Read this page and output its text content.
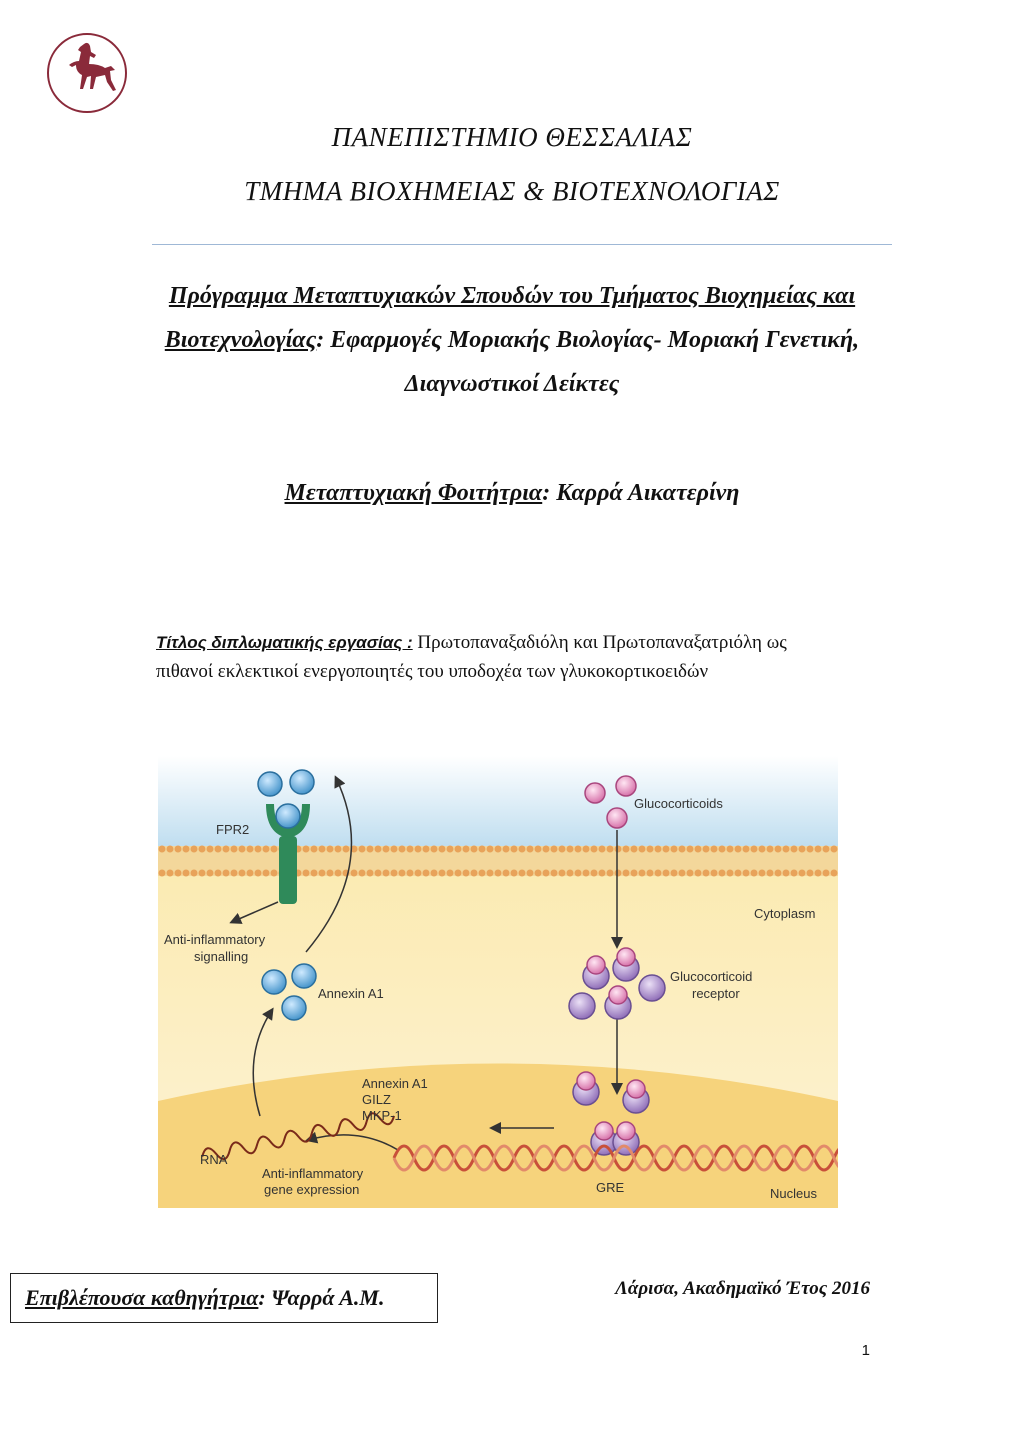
ΠΑΝΕΠΙΣΤΗΜΙΟ ΘΕΣΣΑΛΙΑΣ
ΤΜΗΜΑ ΒΙΟΧΗΜΕΙΑΣ & ΒΙΟΤΕΧΝΟΛΟΓΙΑΣ
Πρόγραμμα Μεταπτυχιακών Σπουδών του Τμήματος Βιοχημείας και
Βιοτεχνολογίας: Εφαρμογές Μοριακής Βιολογίας- Μοριακή Γενετική,
Διαγνωστικοί Δείκτες
Μεταπτυχιακή Φοιτήτρια: Καρρά Αικατερίνη
Τίτλος διπλωματικής εργασίας : Πρωτοπαναξαδιόλη και Πρωτοπαναξατριόλη ως
πιθανοί εκλεκτικοί ενεργοποιητές του υποδοχέα των γλυκοκορτικοειδών
FPR2
Glucocorticoids
Cytoplasm
Anti-inflammatory
signalling
Annexin A1
Glucocorticoid
receptor
Annexin A1
GILZ
MKP-1
RNA
Anti-inflammatory
gene expression	GRE	Nucleus
Επιβλέπουσα καθηγήτρια : Ψαρρά Α.Μ.	Λάρισα, Ακαδημαϊκό Έτος 2016
1
